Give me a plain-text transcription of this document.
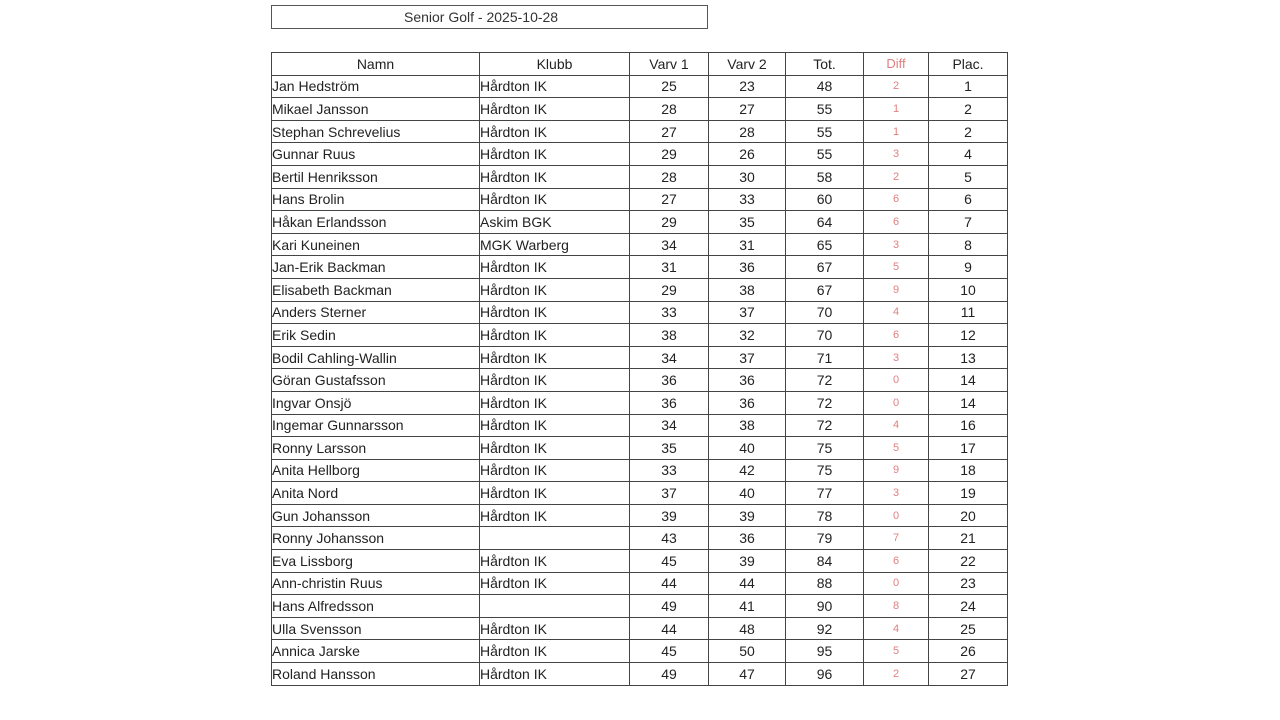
Senior Golf - 2025-10-28
Namn	Klubb	Varv 1	Varv 2	Tot.	Diff	Plac.
Jan Hedström	Hårdton IK	25	23	48	2	1
Mikael Jansson	Hårdton IK	28	27	55	1	2
Stephan Schrevelius	Hårdton IK	27	28	55	1	2
Gunnar Ruus	Hårdton IK	29	26	55	3	4
Bertil Henriksson	Hårdton IK	28	30	58	2	5
Hans Brolin	Hårdton IK	27	33	60	6	6
Håkan Erlandsson	Askim BGK	29	35	64	6	7
Kari Kuneinen	MGK Warberg	34	31	65	3	8
Jan-Erik Backman	Hårdton IK	31	36	67	5	9
Elisabeth Backman	Hårdton IK	29	38	67	9	10
Anders Sterner	Hårdton IK	33	37	70	4	11
Erik Sedin	Hårdton IK	38	32	70	6	12
Bodil Cahling-Wallin	Hårdton IK	34	37	71	3	13
Göran Gustafsson	Hårdton IK	36	36	72	0	14
Ingvar Onsjö	Hårdton IK	36	36	72	0	14
Ingemar Gunnarsson	Hårdton IK	34	38	72	4	16
Ronny Larsson	Hårdton IK	35	40	75	5	17
Anita Hellborg	Hårdton IK	33	42	75	9	18
Anita Nord	Hårdton IK	37	40	77	3	19
Gun Johansson	Hårdton IK	39	39	78	0	20
Ronny Johansson		43	36	79	7	21
Eva Lissborg	Hårdton IK	45	39	84	6	22
Ann-christin Ruus	Hårdton IK	44	44	88	0	23
Hans Alfredsson		49	41	90	8	24
Ulla Svensson	Hårdton IK	44	48	92	4	25
Annica Jarske	Hårdton IK	45	50	95	5	26
Roland Hansson	Hårdton IK	49	47	96	2	27
